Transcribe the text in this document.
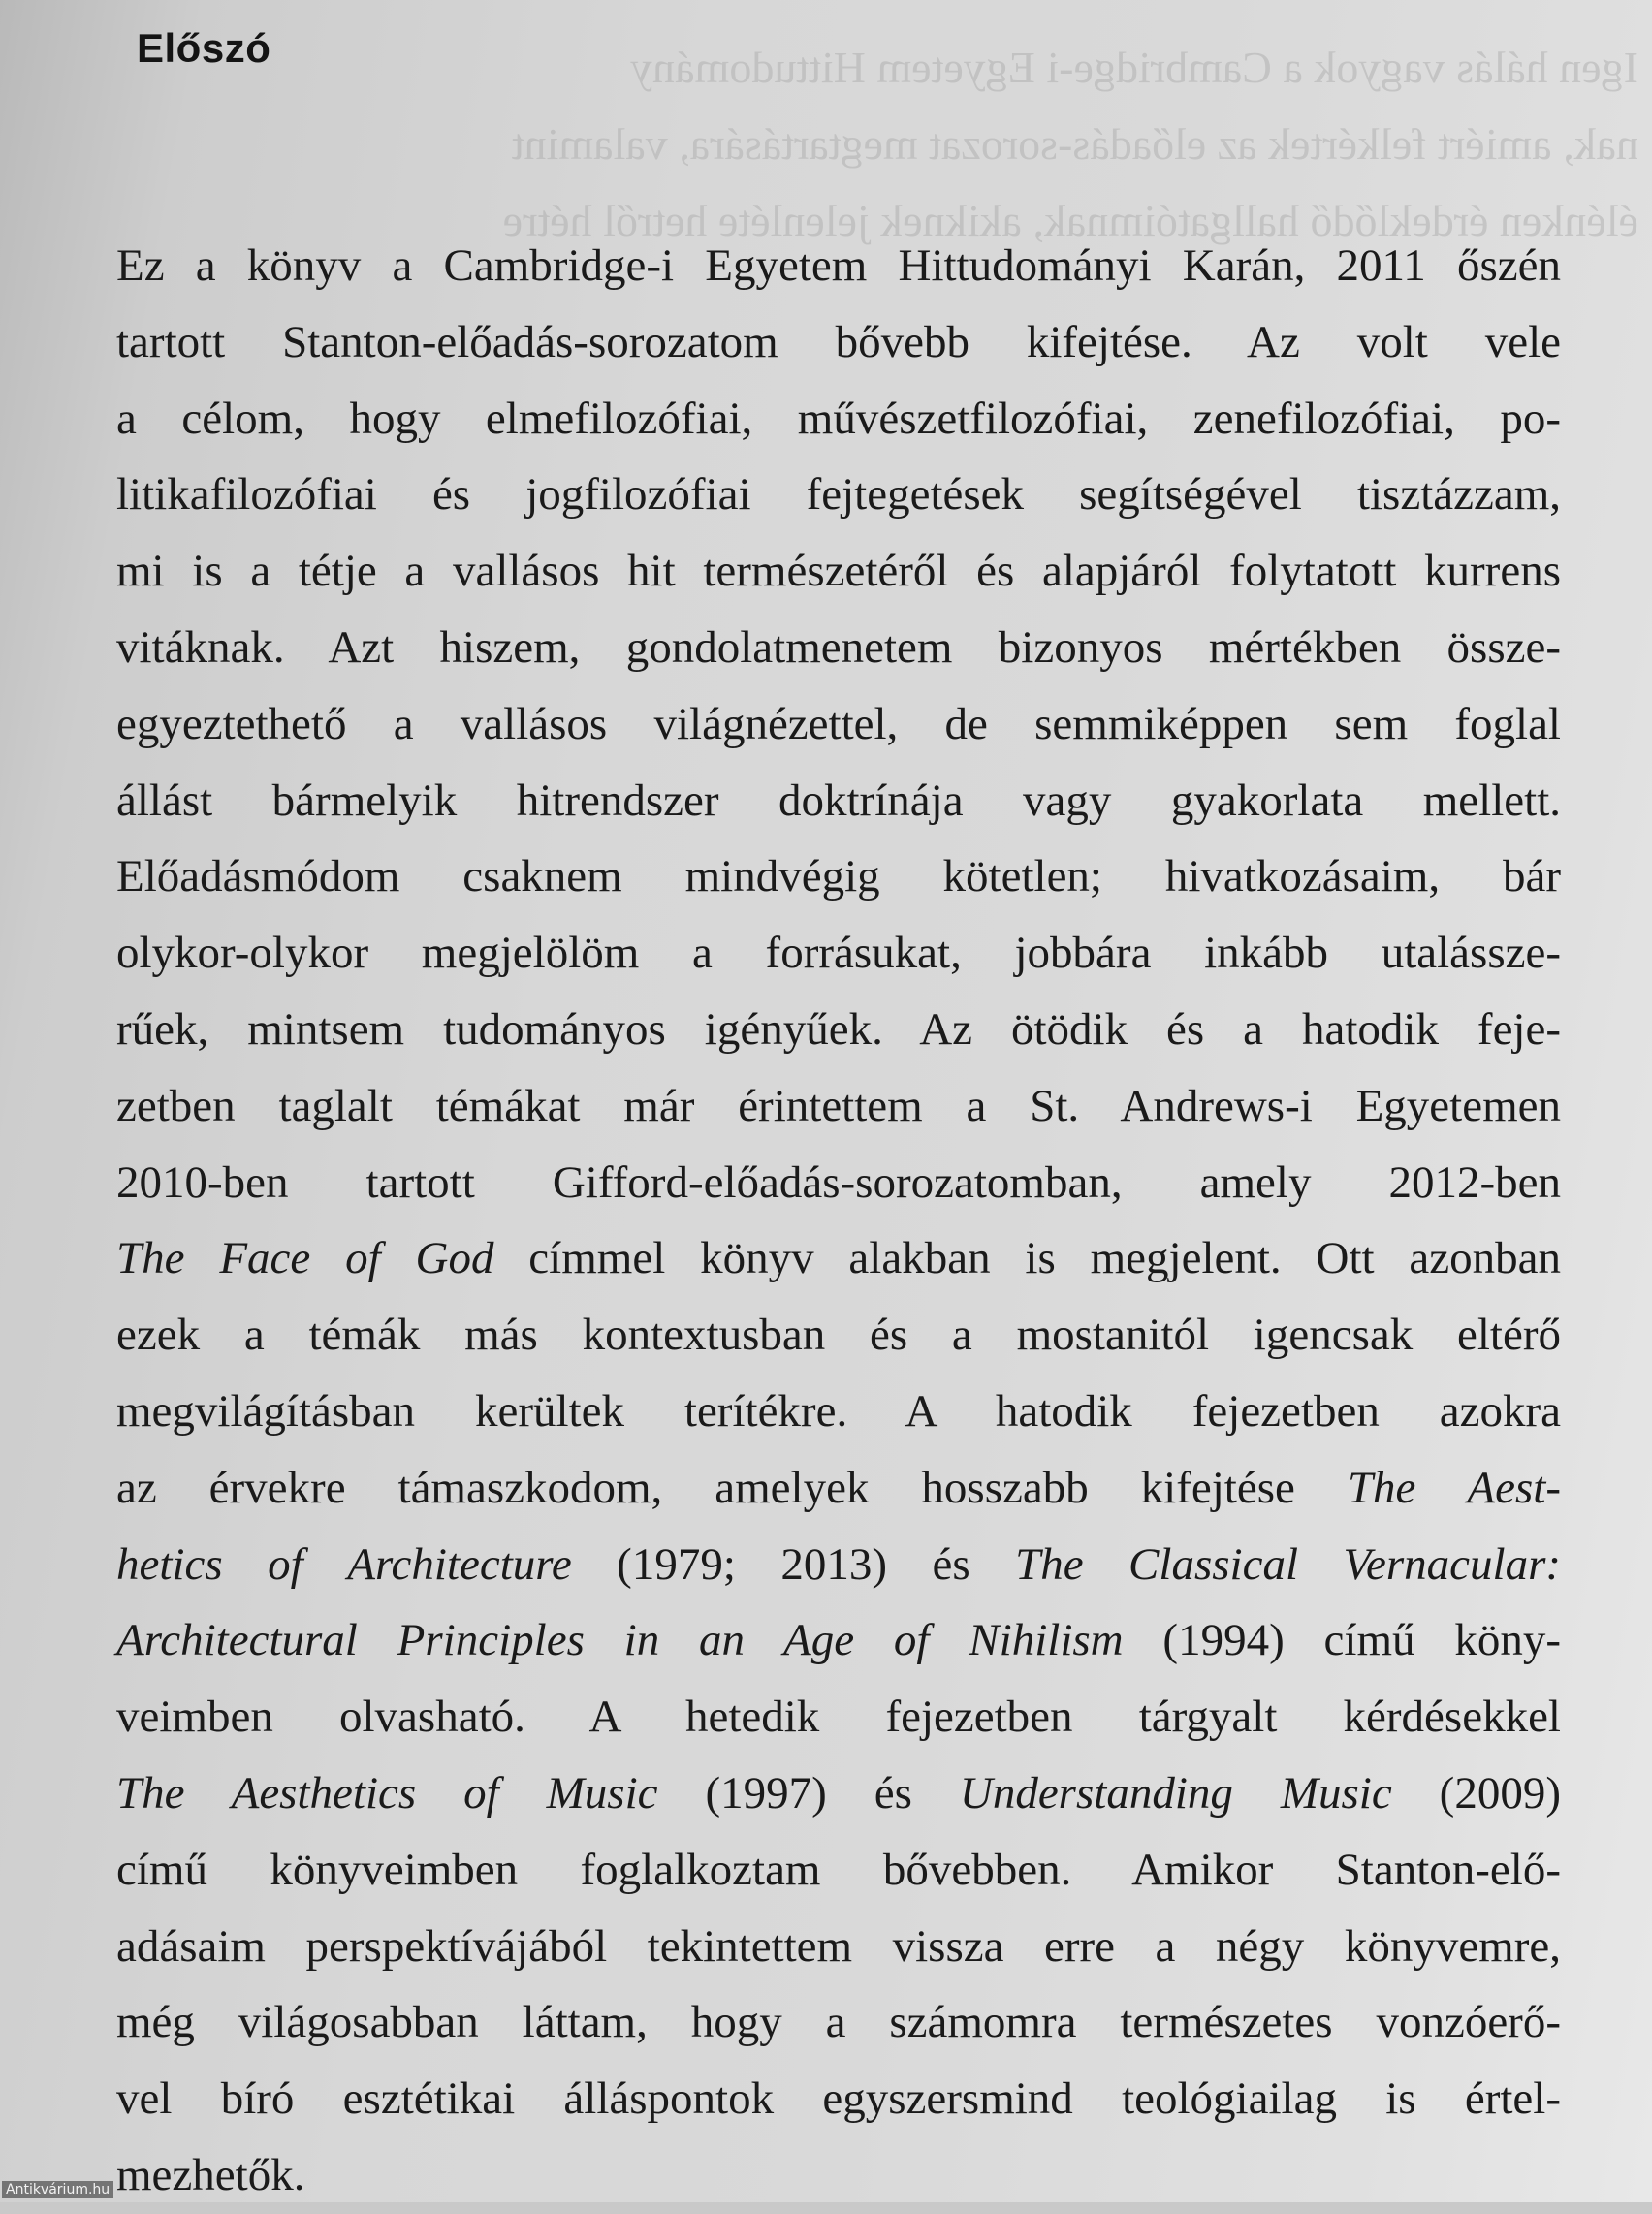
Igen hálás vagyok a Cambridge-i Egyetem Hittudomány
nak, amiért felkértek az előadás-sorozat megtartására, valamint
élénken érdeklődő hallgatóimnak, akiknek jelenléte hetről hétre
Előszó
Ez a könyv a Cambridge-i Egyetem Hittudományi Karán, 2011 őszén
tartott Stanton-előadás-sorozatom bővebb kifejtése. Az volt vele
a célom, hogy elmefilozófiai, művészetfilozófiai, zenefilozófiai, po-
litikafilozófiai és jogfilozófiai fejtegetések segítségével tisztázzam,
mi is a tétje a vallásos hit természetéről és alapjáról folytatott kurrens
vitáknak. Azt hiszem, gondolatmenetem bizonyos mértékben össze-
egyeztethető a vallásos világnézettel, de semmiképpen sem foglal
állást bármelyik hitrendszer doktrínája vagy gyakorlata mellett.
Előadásmódom csaknem mindvégig kötetlen; hivatkozásaim, bár
olykor-olykor megjelölöm a forrásukat, jobbára inkább utalássze-
rűek, mintsem tudományos igényűek. Az ötödik és a hatodik feje-
zetben taglalt témákat már érintettem a St. Andrews-i Egyetemen
2010-ben tartott Gifford-előadás-sorozatomban, amely 2012-ben
The Face of God címmel könyv alakban is megjelent. Ott azonban
ezek a témák más kontextusban és a mostanitól igencsak eltérő
megvilágításban kerültek terítékre. A hatodik fejezetben azokra
az érvekre támaszkodom, amelyek hosszabb kifejtése The Aest-
hetics of Architecture (1979; 2013) és The Classical Vernacular:
Architectural Principles in an Age of Nihilism (1994) című köny-
veimben olvasható. A hetedik fejezetben tárgyalt kérdésekkel
The Aesthetics of Music (1997) és Understanding Music (2009)
című könyveimben foglalkoztam bővebben. Amikor Stanton-elő-
adásaim perspektívájából tekintettem vissza erre a négy könyvemre,
még világosabban láttam, hogy a számomra természetes vonzóerő-
vel bíró esztétikai álláspontok egyszersmind teológiailag is értel-
mezhetők.
Antikvárium.hu
